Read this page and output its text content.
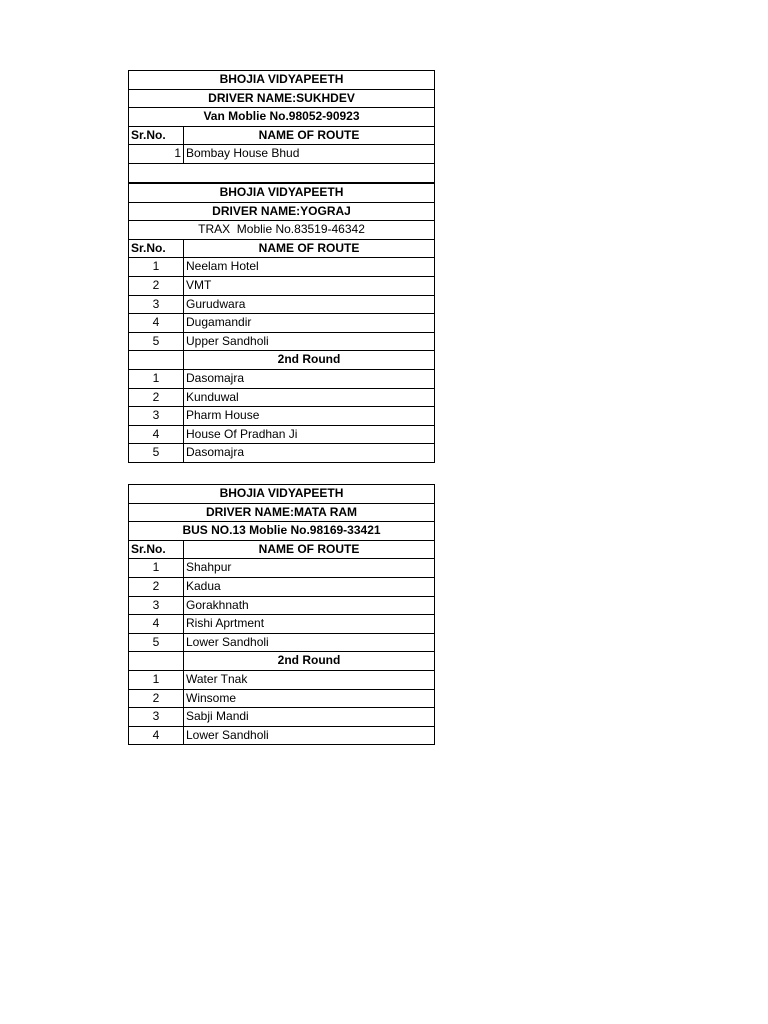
BHOJIA VIDYAPEETH	
DRIVER NAME:SUKHDEV	
Van Moblie No.98052-90923	
Sr.No.	NAME OF ROUTE
1	Bombay House Bhud

BHOJIA VIDYAPEETH	
DRIVER NAME:YOGRAJ	
TRAX  Moblie No.83519-46342	
Sr.No.	NAME OF ROUTE
1	Neelam Hotel
2	VMT
3	Gurudwara
4	Dugamandir
5	Upper Sandholi
	2nd Round
1	Dasomajra
2	Kunduwal
3	Pharm House
4	House Of Pradhan Ji
5	Dasomajra
BHOJIA VIDYAPEETH	
DRIVER NAME:MATA RAM	
BUS NO.13 Moblie No.98169-33421	
Sr.No.	NAME OF ROUTE
1	Shahpur
2	Kadua
3	Gorakhnath
4	Rishi Aprtment
5	Lower Sandholi
	2nd Round
1	Water Tnak
2	Winsome
3	Sabji Mandi
4	Lower Sandholi
